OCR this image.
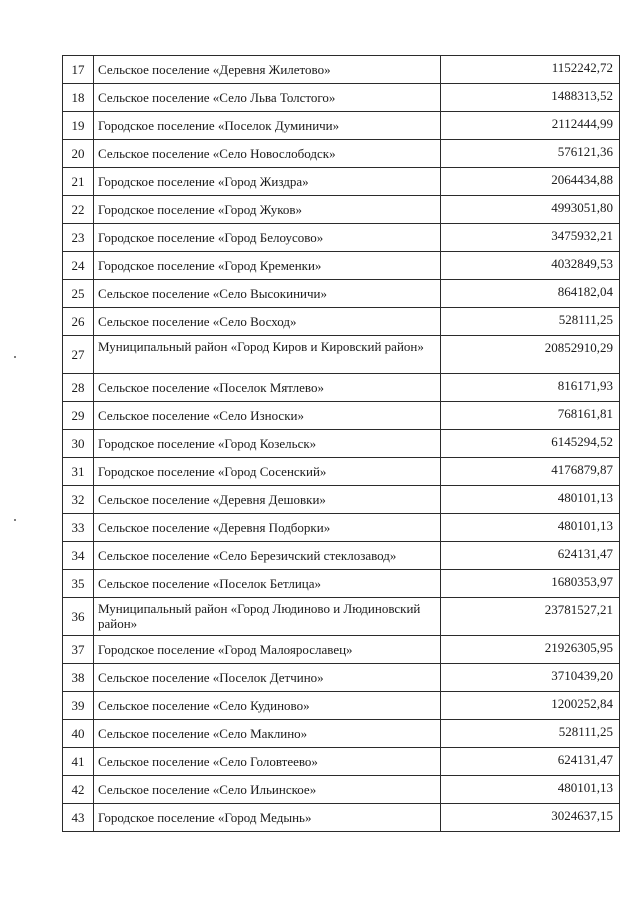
17	Сельское поселение «Деревня Жилетово»	1152242,72
18	Сельское поселение «Село Льва Толстого»	1488313,52
19	Городское поселение «Поселок Думиничи»	2112444,99
20	Сельское поселение «Село Новослободск»	576121,36
21	Городское поселение «Город Жиздра»	2064434,88
22	Городское поселение «Город Жуков»	4993051,80
23	Городское поселение «Город Белоусово»	3475932,21
24	Городское поселение «Город Кременки»	4032849,53
25	Сельское поселение «Село Высокиничи»	864182,04
26	Сельское поселение «Село Восход»	528111,25
27	Муниципальный район «Город Киров и Кировский район»	20852910,29
28	Сельское поселение «Поселок Мятлево»	816171,93
29	Сельское поселение «Село Износки»	768161,81
30	Городское поселение «Город Козельск»	6145294,52
31	Городское поселение «Город Сосенский»	4176879,87
32	Сельское поселение «Деревня Дешовки»	480101,13
33	Сельское поселение «Деревня Подборки»	480101,13
34	Сельское поселение «Село Березичский стеклозавод»	624131,47
35	Сельское поселение «Поселок Бетлица»	1680353,97
36	Муниципальный район «Город Людиново и Людиновский район»	23781527,21
37	Городское поселение «Город Малоярославец»	21926305,95
38	Сельское поселение «Поселок Детчино»	3710439,20
39	Сельское поселение «Село Кудиново»	1200252,84
40	Сельское поселение «Село Маклино»	528111,25
41	Сельское поселение «Село Головтеево»	624131,47
42	Сельское поселение «Село Ильинское»	480101,13
43	Городское поселение «Город Медынь»	3024637,15
